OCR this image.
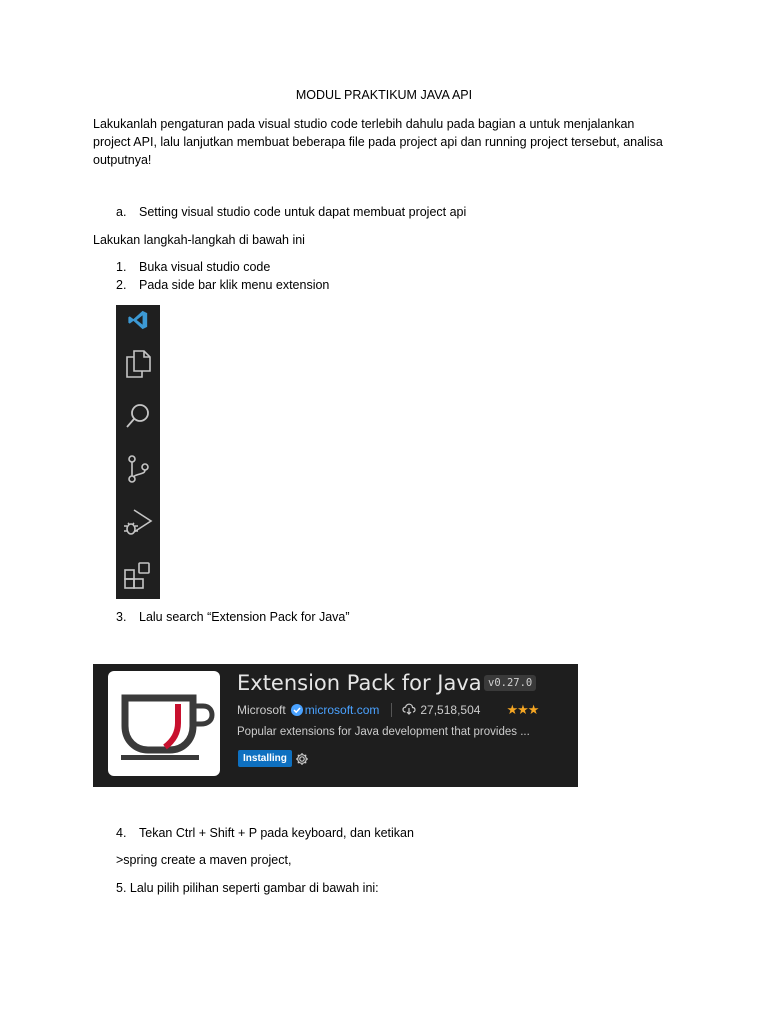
MODUL PRAKTIKUM JAVA API
Lakukanlah pengaturan pada visual studio code terlebih dahulu pada bagian a untuk menjalankan project API, lalu lanjutkan membuat beberapa file pada project api dan running project tersebut, analisa outputnya!
a. Setting visual studio code untuk dapat membuat project api
Lakukan langkah-langkah di bawah ini
1. Buka visual studio code
2. Pada side bar klik menu extension
3. Lalu search “Extension Pack for Java”
Extension Pack for Java v0.27.0
Microsoft microsoft.com	27,518,504 ★★★
Popular extensions for Java development that provides ...
Installing
4. Tekan Ctrl + Shift + P pada keyboard, dan ketikan
>spring create a maven project,
5. Lalu pilih pilihan seperti gambar di bawah ini:
